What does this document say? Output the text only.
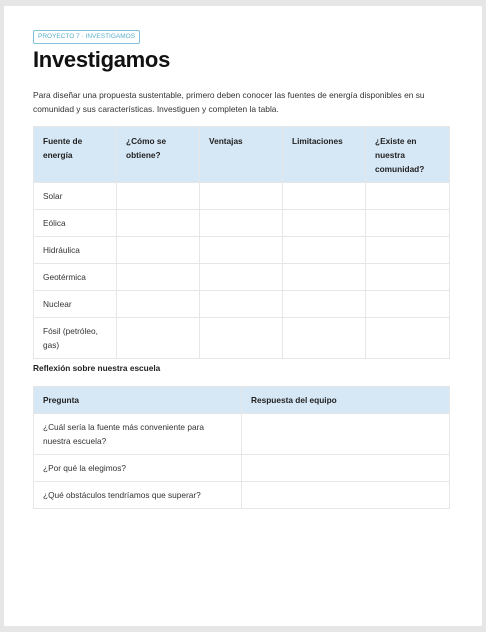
PROYECTO 7 · INVESTIGAMOS
Investigamos

Para diseñar una propuesta sustentable, primero deben conocer las fuentes de energía disponibles en su comunidad y sus características. Investiguen y completen la tabla.

Fuente de energía	¿Cómo se obtiene?	Ventajas	Limitaciones	¿Existe en nuestra comunidad?
Solar				
Eólica				
Hidráulica				
Geotérmica				
Nuclear				
Fósil (petróleo, gas)				
Reflexión sobre nuestra escuela
Pregunta	Respuesta del equipo
¿Cuál sería la fuente más conveniente para nuestra escuela?	
¿Por qué la elegimos?	
¿Qué obstáculos tendríamos que superar?	
